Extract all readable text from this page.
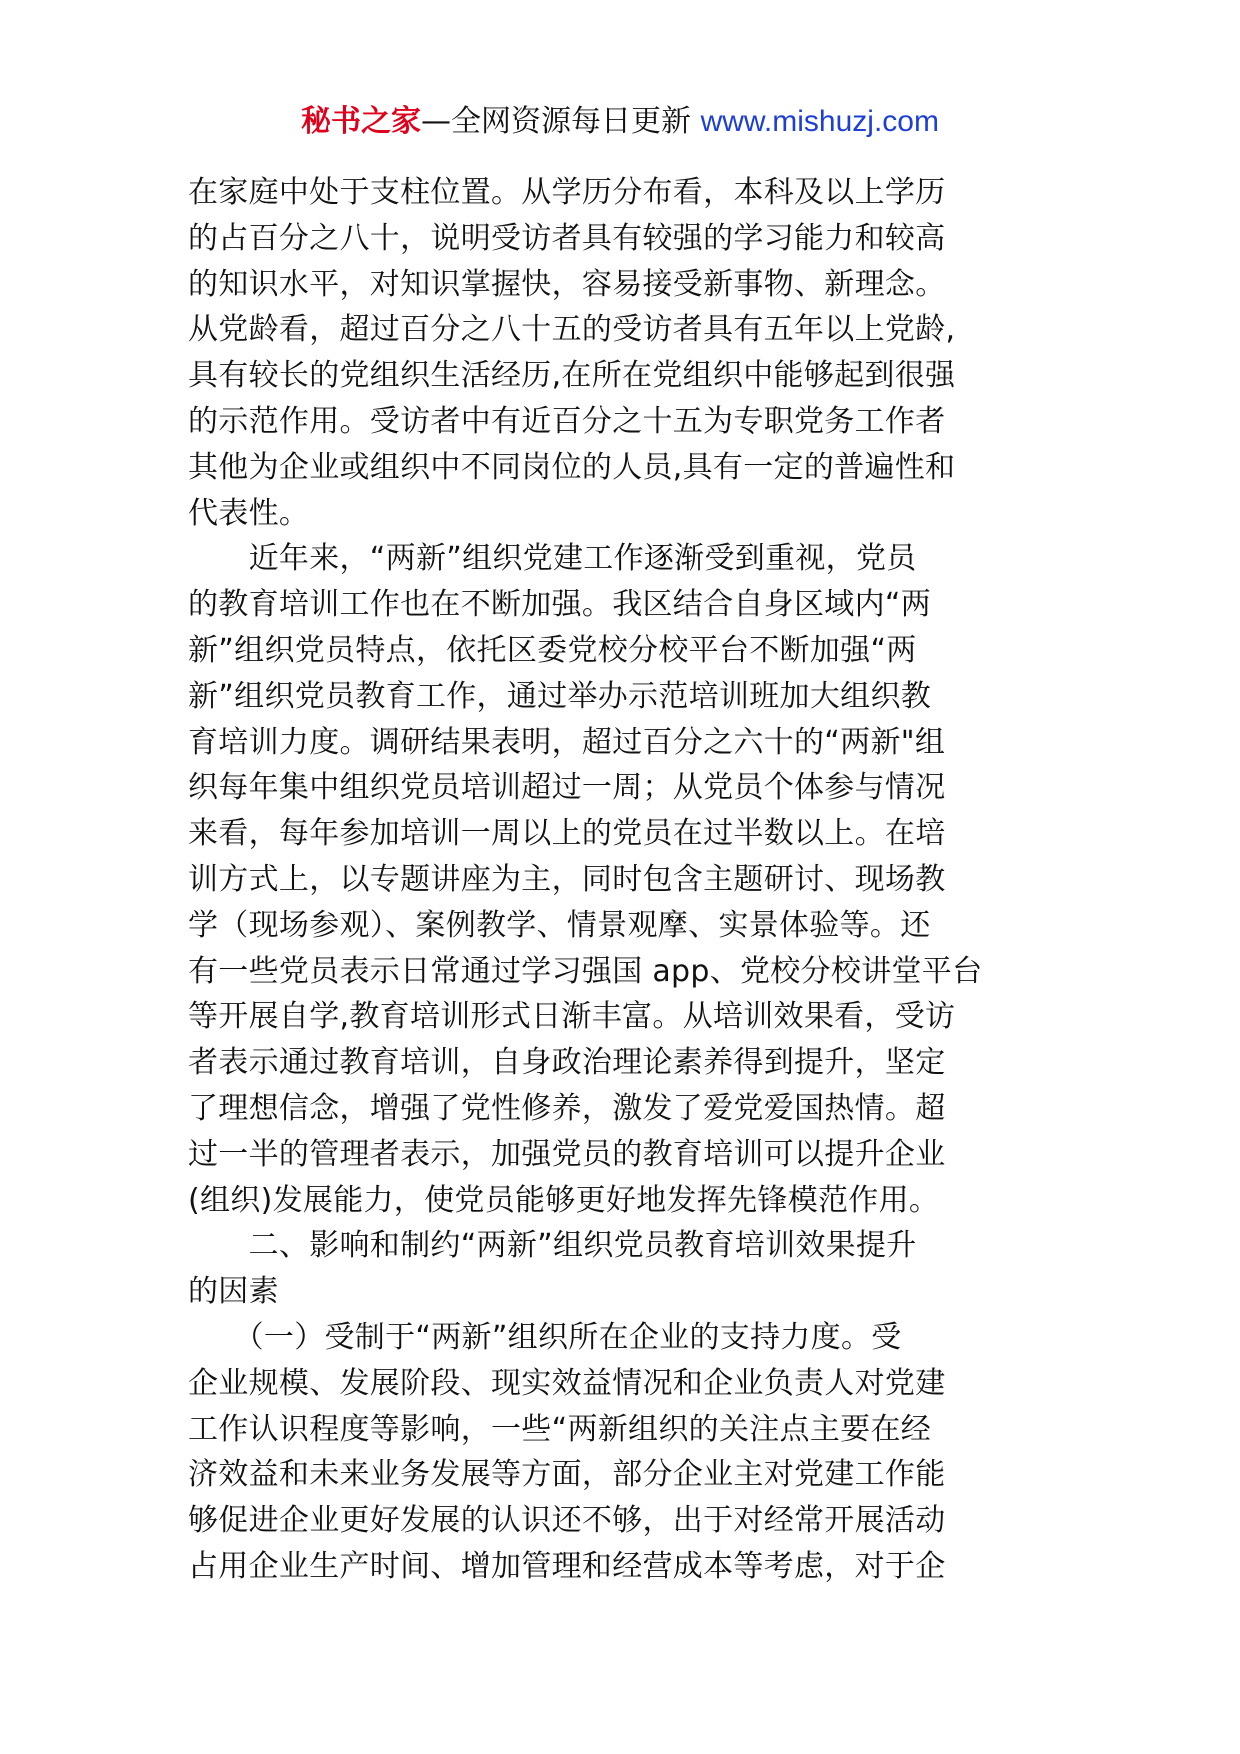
秘书之家—全网资源每日更新 www.mishuzj.com
在家庭中处于支柱位置。从学历分布看，本科及以上学历
的占百分之八十，说明受访者具有较强的学习能力和较高
的知识水平，对知识掌握快，容易接受新事物、新理念。
从党龄看，超过百分之八十五的受访者具有五年以上党龄,
具有较长的党组织生活经历,在所在党组织中能够起到很强
的示范作用。受访者中有近百分之十五为专职党务工作者
其他为企业或组织中不同岗位的人员,具有一定的普遍性和
代表性。
　　近年来，“两新”组织党建工作逐渐受到重视，党员
的教育培训工作也在不断加强。我区结合自身区域内“两
新”组织党员特点，依托区委党校分校平台不断加强“两
新”组织党员教育工作，通过举办示范培训班加大组织教
育培训力度。调研结果表明，超过百分之六十的“两新"组
织每年集中组织党员培训超过一周；从党员个体参与情况
来看，每年参加培训一周以上的党员在过半数以上。在培
训方式上，以专题讲座为主，同时包含主题研讨、现场教
学（现场参观）、案例教学、情景观摩、实景体验等。还
有一些党员表示日常通过学习强国 app、党校分校讲堂平台
等开展自学,教育培训形式日渐丰富。从培训效果看，受访
者表示通过教育培训，自身政治理论素养得到提升，坚定
了理想信念，增强了党性修养，激发了爱党爱国热情。超
过一半的管理者表示，加强党员的教育培训可以提升企业
(组织)发展能力，使党员能够更好地发挥先锋模范作用。
　　二、影响和制约“两新”组织党员教育培训效果提升
的因素
　　（一）受制于“两新”组织所在企业的支持力度。受
企业规模、发展阶段、现实效益情况和企业负责人对党建
工作认识程度等影响，一些“两新组织的关注点主要在经
济效益和未来业务发展等方面，部分企业主对党建工作能
够促进企业更好发展的认识还不够，出于对经常开展活动
占用企业生产时间、增加管理和经营成本等考虑，对于企
